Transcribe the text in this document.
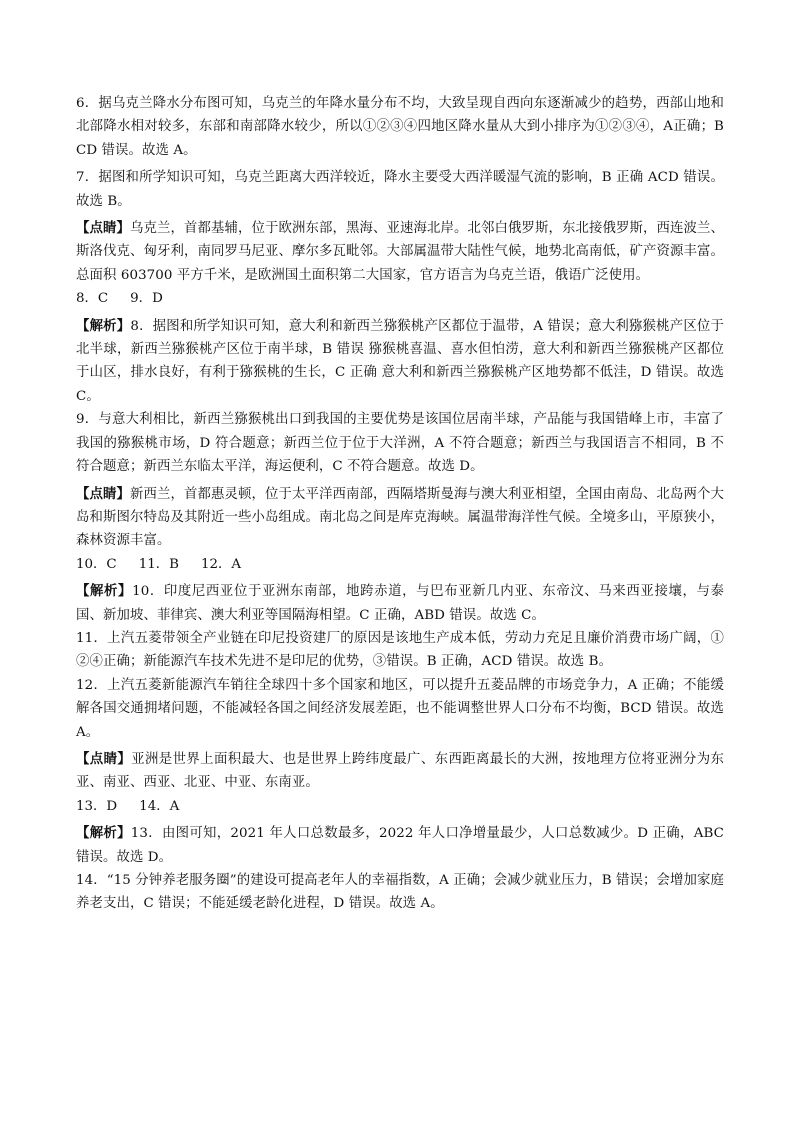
6．据乌克兰降水分布图可知，乌克兰的年降水量分布不均，大致呈现自西向东逐渐减少的趋势，西部山地和北部降水相对较多，东部和南部降水较少，所以①②③④四地区降水量从大到小排序为①②③④，A正确；BCD 错误。故选 A。

7．据图和所学知识可知，乌克兰距离大西洋较近，降水主要受大西洋暖湿气流的影响，B 正确 ACD 错误。故选 B。

【点睛】乌克兰，首都基辅，位于欧洲东部，黑海、亚速海北岸。北邻白俄罗斯，东北接俄罗斯，西连波兰、斯洛伐克、匈牙利，南同罗马尼亚、摩尔多瓦毗邻。大部属温带大陆性气候，地势北高南低，矿产资源丰富。总面积 603700 平方千米，是欧洲国土面积第二大国家，官方语言为乌克兰语，俄语广泛使用。

8．C 9．D

【解析】8．据图和所学知识可知，意大利和新西兰猕猴桃产区都位于温带，A 错误；意大利猕猴桃产区位于北半球，新西兰猕猴桃产区位于南半球，B 错误 猕猴桃喜温、喜水但怕涝，意大利和新西兰猕猴桃产区都位于山区，排水良好，有利于猕猴桃的生长，C 正确 意大利和新西兰猕猴桃产区地势都不低洼，D 错误。故选 C。

9．与意大利相比，新西兰猕猴桃出口到我国的主要优势是该国位居南半球，产品能与我国错峰上市，丰富了我国的猕猴桃市场，D 符合题意；新西兰位于位于大洋洲，A 不符合题意；新西兰与我国语言不相同，B 不符合题意；新西兰东临太平洋，海运便利，C 不符合题意。故选 D。

【点睛】新西兰，首都惠灵顿，位于太平洋西南部，西隔塔斯曼海与澳大利亚相望，全国由南岛、北岛两个大岛和斯图尔特岛及其附近一些小岛组成。南北岛之间是库克海峡。属温带海洋性气候。全境多山，平原狭小，森林资源丰富。

10．C 11．B 12．A

【解析】10．印度尼西亚位于亚洲东南部，地跨赤道，与巴布亚新几内亚、东帝汶、马来西亚接壤，与泰国、新加坡、菲律宾、澳大利亚等国隔海相望。C 正确，ABD 错误。故选 C。

11．上汽五菱带领全产业链在印尼投资建厂的原因是该地生产成本低，劳动力充足且廉价消费市场广阔，①②④正确；新能源汽车技术先进不是印尼的优势，③错误。B 正确，ACD 错误。故选 B。

12．上汽五菱新能源汽车销往全球四十多个国家和地区，可以提升五菱品牌的市场竞争力，A 正确；不能缓解各国交通拥堵问题，不能减轻各国之间经济发展差距，也不能调整世界人口分布不均衡，BCD 错误。故选 A。

【点睛】亚洲是世界上面积最大、也是世界上跨纬度最广、东西距离最长的大洲，按地理方位将亚洲分为东亚、南亚、西亚、北亚、中亚、东南亚。

13．D 14．A

【解析】13．由图可知，2021 年人口总数最多，2022 年人口净增量最少，人口总数减少。D 正确，ABC 错误。故选 D。

14．“15 分钟养老服务圈”的建设可提高老年人的幸福指数，A 正确；会减少就业压力，B 错误；会增加家庭养老支出，C 错误；不能延缓老龄化进程，D 错误。故选 A。
